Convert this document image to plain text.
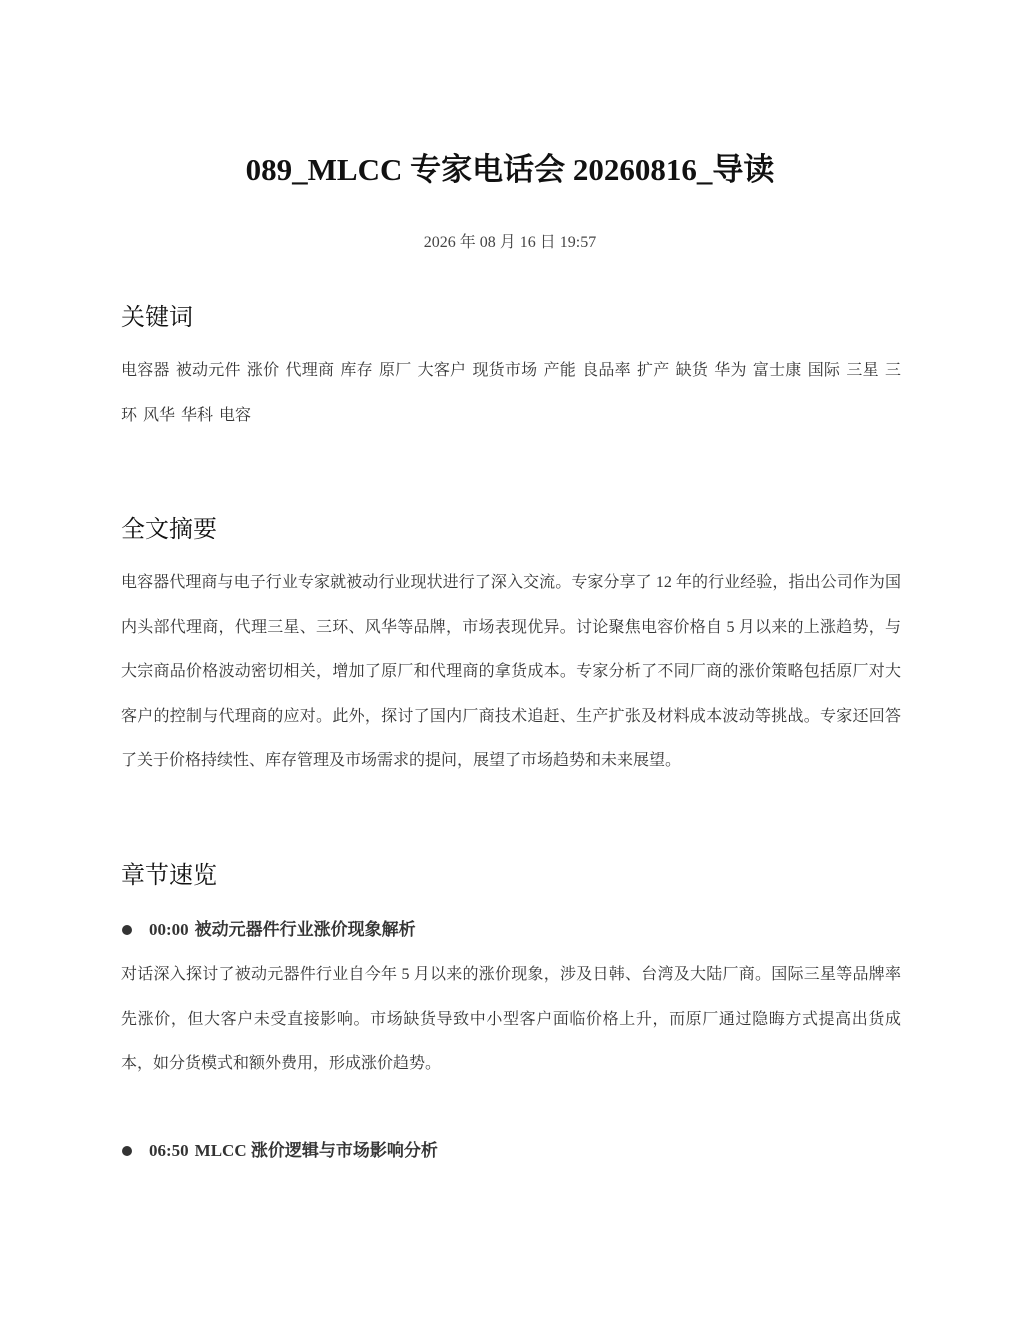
089_MLCC 专家电话会 20260816_导读
2026 年 08 月 16 日 19:57
关键词

电容器 被动元件 涨价 代理商 库存 原厂 大客户 现货市场 产能 良品率 扩产 缺货 华为 富士康 国际 三星 三环 风华 华科 电容

全文摘要

电容器代理商与电子行业专家就被动行业现状进行了深入交流。专家分享了 12 年的行业经验，指出公司作为国内头部代理商，代理三星、三环、风华等品牌，市场表现优异。讨论聚焦电容价格自 5 月以来的上涨趋势，与大宗商品价格波动密切相关，增加了原厂和代理商的拿货成本。专家分析了不同厂商的涨价策略包括原厂对大客户的控制与代理商的应对。此外，探讨了国内厂商技术追赶、生产扩张及材料成本波动等挑战。专家还回答了关于价格持续性、库存管理及市场需求的提问，展望了市场趋势和未来展望。

章节速览
00:00 被动元器件行业涨价现象解析

对话深入探讨了被动元器件行业自今年 5 月以来的涨价现象，涉及日韩、台湾及大陆厂商。国际三星等品牌率先涨价，但大客户未受直接影响。市场缺货导致中小型客户面临价格上升，而原厂通过隐晦方式提高出货成本，如分货模式和额外费用，形成涨价趋势。

06:50 MLCC 涨价逻辑与市场影响分析
